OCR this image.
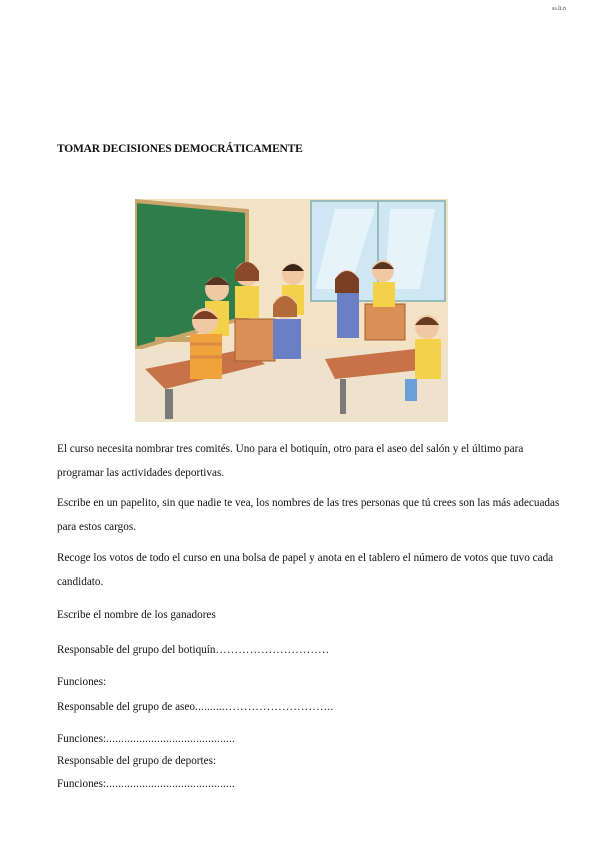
ss.lt.n
TOMAR DECISIONES DEMOCRÁTICAMENTE

El curso necesita nombrar tres comités. Uno para el botiquín, otro para el aseo del salón y el último para programar las actividades deportivas.

Escribe en un papelito, sin que nadie te vea, los nombres de las tres personas que tú crees son las más adecuadas para estos cargos.

Recoge los votos de todo el curso en una bolsa de papel y anota en el tablero el número de votos que tuvo cada candidato.

Escribe el nombre de los ganadores

Responsable del grupo del botiquín…………………………
Funciones:
Responsable del grupo de aseo..........………………………..
Funciones:...........................................
Responsable del grupo de deportes:
Funciones:...........................................
